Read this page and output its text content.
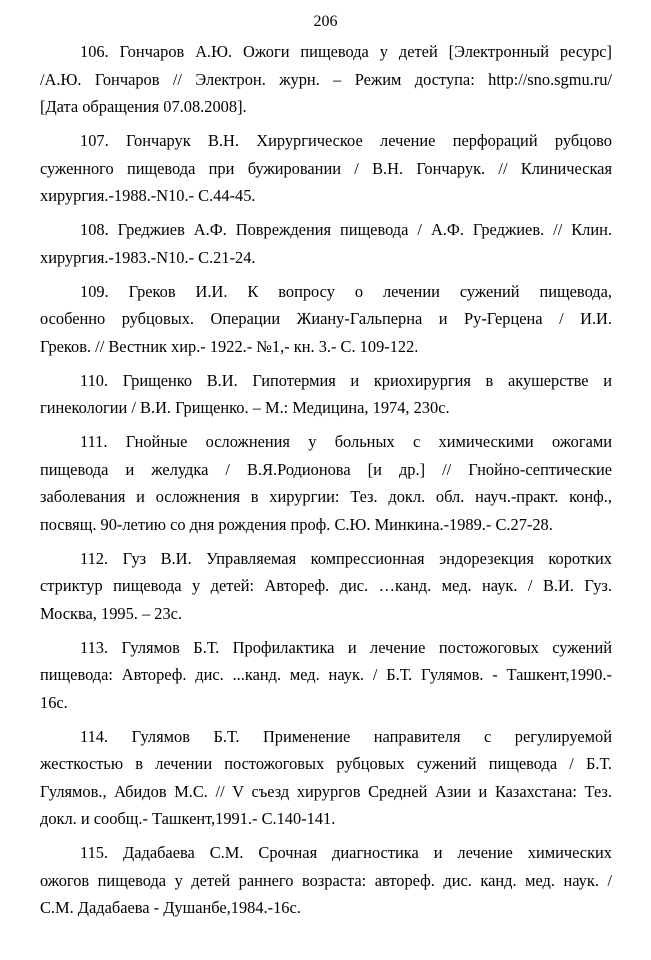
206
106. Гончаров А.Ю. Ожоги пищевода у детей [Электронный ресурс]
/А.Ю. Гончаров // Электрон. журн. – Режим доступа: http://sno.sgmu.ru/
[Дата обращения 07.08.2008].
107. Гончарук В.Н. Хирургическое лечение перфораций рубцово
суженного пищевода при бужировании / В.Н. Гончарук. // Клиническая
хирургия.-1988.-N10.- С.44-45.
108. Греджиев А.Ф. Повреждения пищевода / А.Ф. Греджиев. // Клин.
хирургия.-1983.-N10.- С.21-24.
109. Греков И.И. К вопросу о лечении сужений пищевода,
особенно рубцовых. Операции Жиану-Гальперна и Ру-Герцена / И.И.
Греков. // Вестник хир.- 1922.- №1,- кн. 3.- С. 109-122.
110. Грищенко В.И. Гипотермия и криохирургия в акушерстве и
гинекологии / В.И. Грищенко. – М.: Медицина, 1974, 230с.
111. Гнойные осложнения у больных с химическими ожогами
пищевода и желудка / В.Я.Родионова [и др.] // Гнойно-септические
заболевания и осложнения в хирургии: Тез. докл. обл. науч.-практ. конф.,
посвящ. 90-летию со дня рождения проф. С.Ю. Минкина.-1989.- С.27-28.
112. Гуз В.И. Управляемая компрессионная эндорезекция коротких
стриктур пищевода у детей: Автореф. дис. …канд. мед. наук. / В.И. Гуз.
Москва, 1995. – 23с.
113. Гулямов Б.Т. Профилактика и лечение постожоговых сужений
пищевода: Автореф. дис. ...канд. мед. наук. / Б.Т. Гулямов. - Ташкент,1990.-
16с.
114. Гулямов Б.Т. Применение направителя с регулируемой
жесткостью в лечении постожоговых рубцовых сужений пищевода / Б.Т.
Гулямов., Абидов М.С. // V съезд хирургов Средней Азии и Казахстана: Тез.
докл. и сообщ.- Ташкент,1991.- С.140-141.
115. Дадабаева С.М. Срочная диагностика и лечение химических
ожогов пищевода у детей раннего возраста: автореф. дис. канд. мед. наук. /
С.М. Дадабаева - Душанбе,1984.-16с.
